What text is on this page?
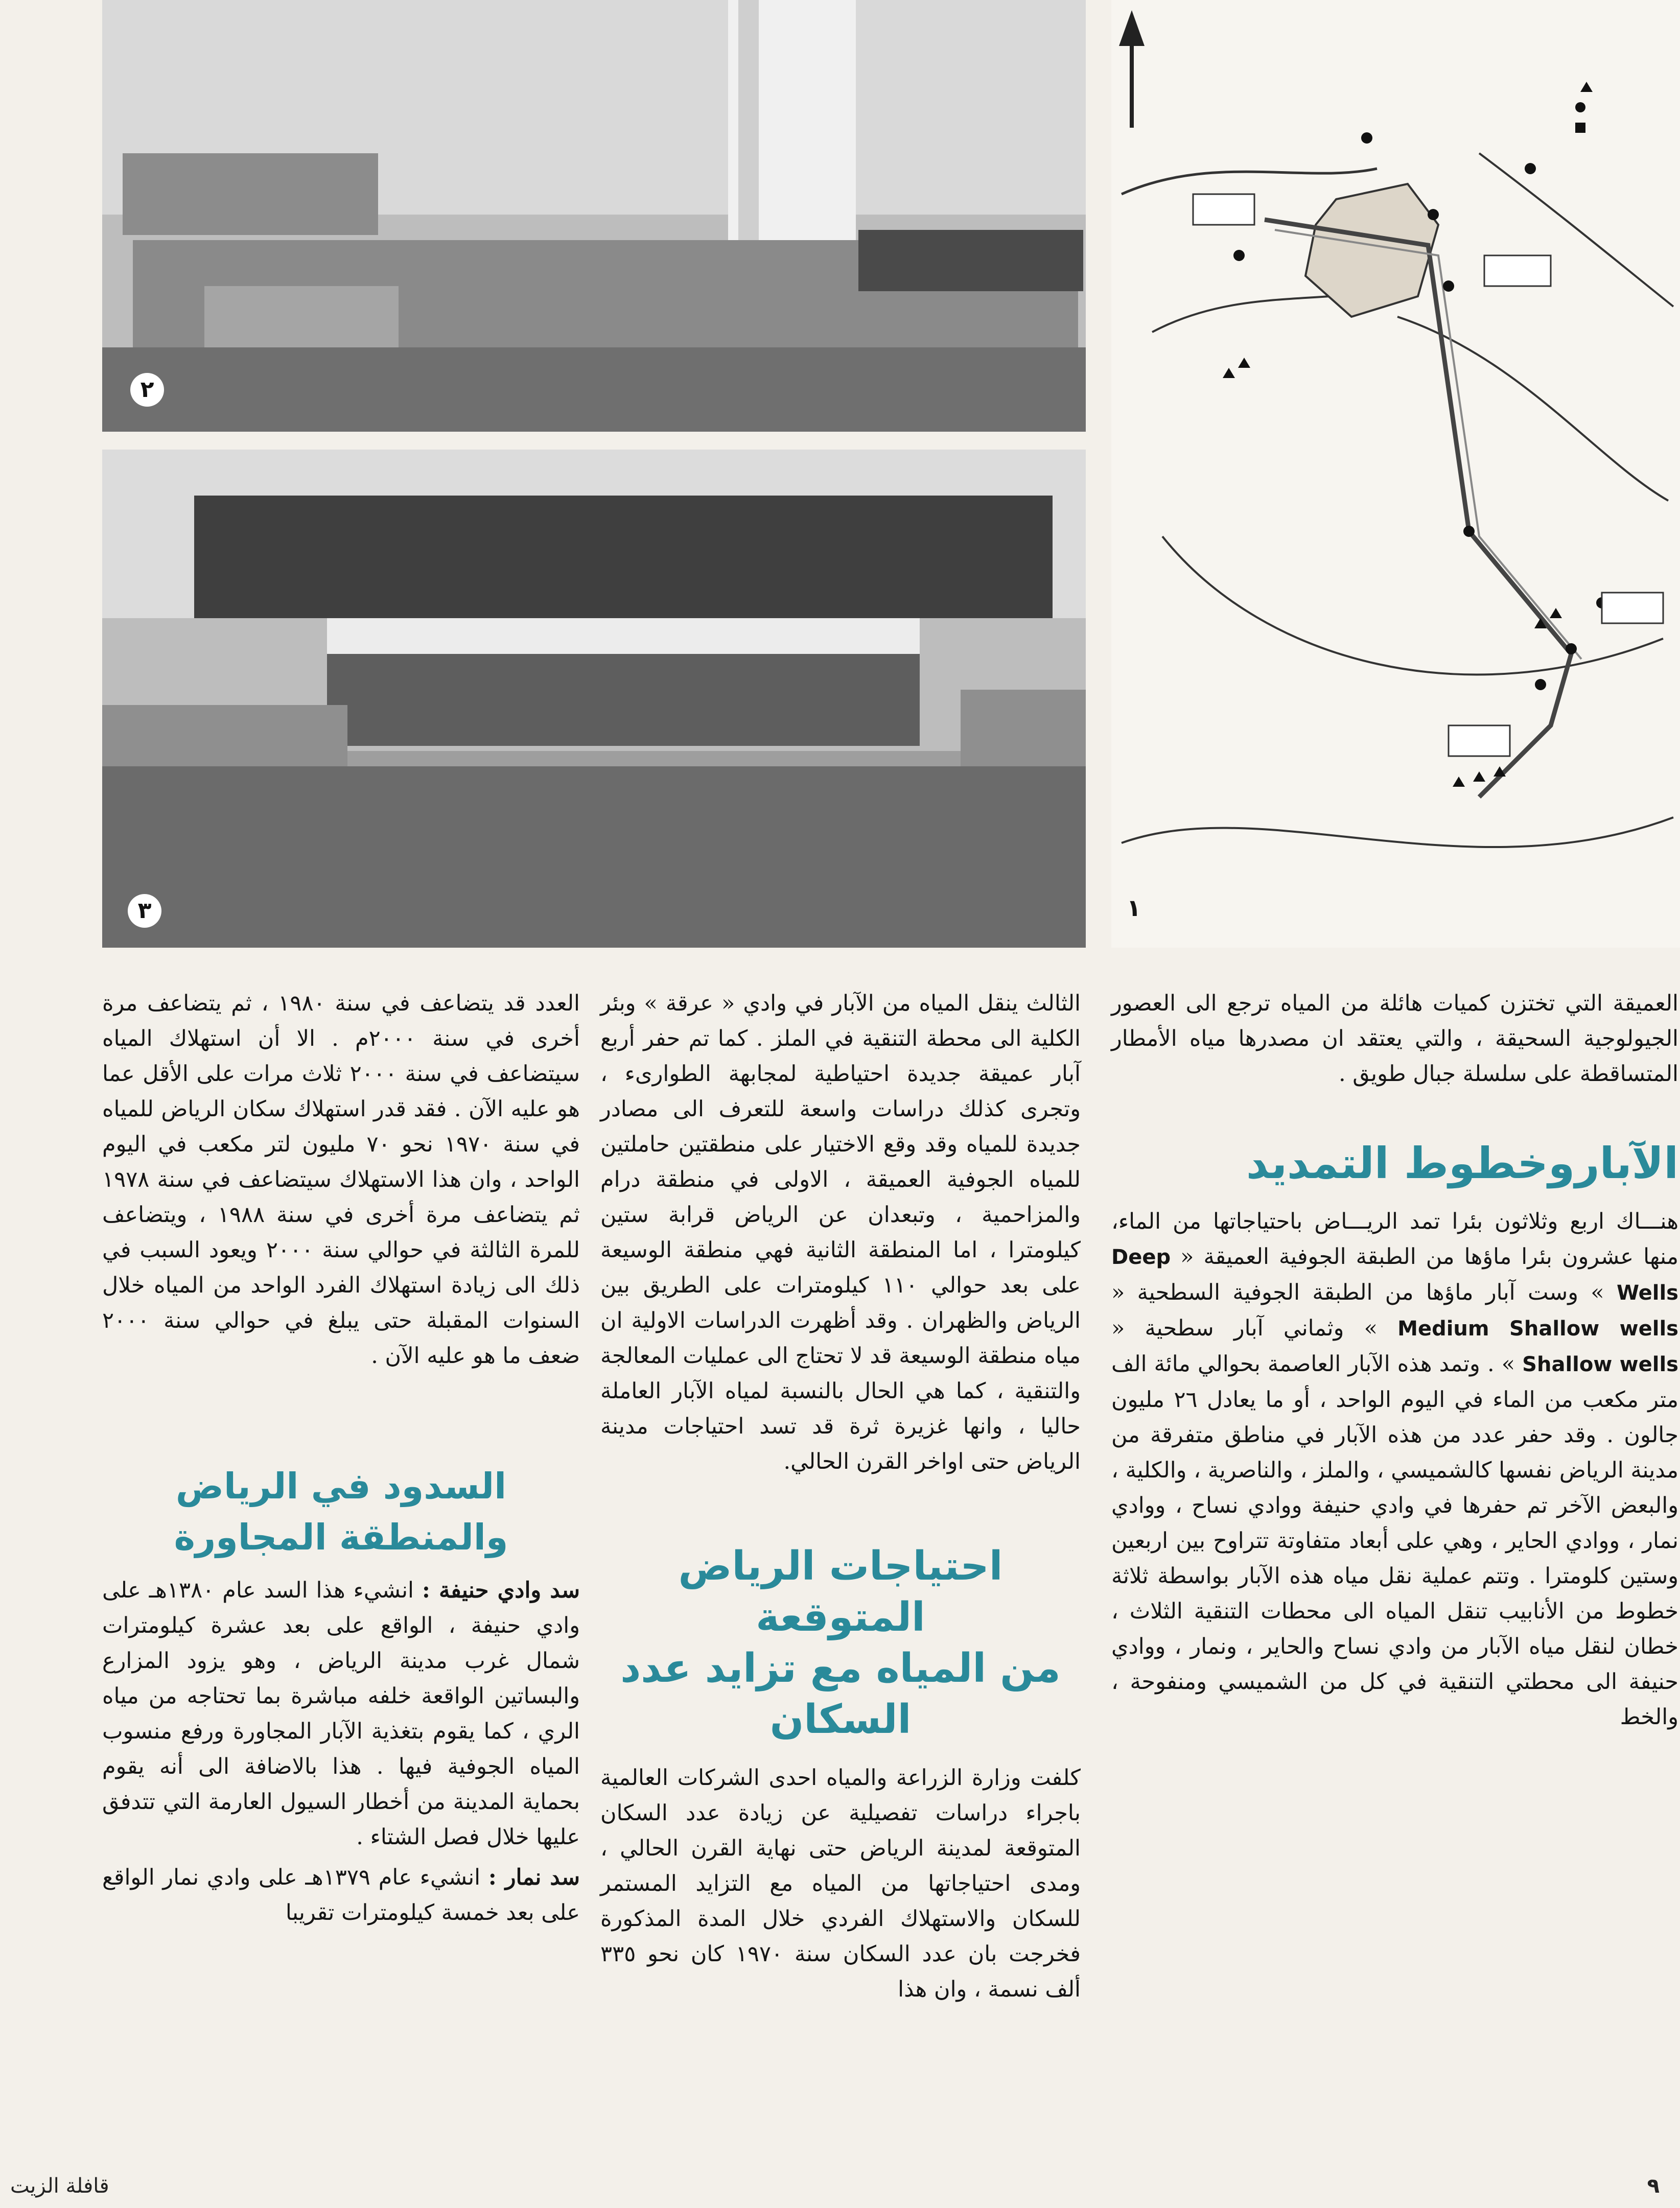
٢
٣	١

العميقة التي تختزن كميات هائلة من المياه ترجع الى العصور الجيولوجية السحيقة ، والتي يعتقد ان مصدرها مياه الأمطار المتساقطة على سلسلة جبال طويق .

الآباروخطوط التمديد

هنـــاك اربع وثلاثون بئرا تمد الريـــاض باحتياجاتها من الماء، منها عشرون بئرا ماؤها من الطبقة الجوفية العميقة « Deep Wells » وست آبار ماؤها من الطبقة الجوفية السطحية « Medium Shallow wells » وثماني آبار سطحية « Shallow wells » . وتمد هذه الآبار العاصمة بحوالي مائة الف متر مكعب من الماء في اليوم الواحد ، أو ما يعادل ٢٦ مليون جالون . وقد حفر عدد من هذه الآبار في مناطق متفرقة من مدينة الرياض نفسها كالشميسي ، والملز ، والناصرية ، والكلية ، والبعض الآخر تم حفرها في وادي حنيفة ووادي نساح ، ووادي نمار ، ووادي الحاير ، وهي على أبعاد متفاوتة تتراوح بين اربعين وستين كلومترا . وتتم عملية نقل مياه هذه الآبار بواسطة ثلاثة خطوط من الأنابيب تنقل المياه الى محطات التنقية الثلاث ، خطان لنقل مياه الآبار من وادي نساح والحاير ، ونمار ، ووادي حنيفة الى محطتي التنقية في كل من الشميسي ومنفوحة ، والخط

الثالث ينقل المياه من الآبار في وادي « عرقة » وبئر الكلية الى محطة التنقية في الملز . كما تم حفر أربع آبار عميقة جديدة احتياطية لمجابهة الطوارىء ، وتجرى كذلك دراسات واسعة للتعرف الى مصادر جديدة للمياه وقد وقع الاختيار على منطقتين حاملتين للمياه الجوفية العميقة ، الاولى في منطقة درام والمزاحمية ، وتبعدان عن الرياض قرابة ستين كيلومترا ، اما المنطقة الثانية فهي منطقة الوسيعة على بعد حوالي ١١٠ كيلومترات على الطريق بين الرياض والظهران . وقد أظهرت الدراسات الاولية ان مياه منطقة الوسيعة قد لا تحتاج الى عمليات المعالجة والتنقية ، كما هي الحال بالنسبة لمياه الآبار العاملة حاليا ، وانها غزيرة ثرة قد تسد احتياجات مدينة الرياض حتى اواخر القرن الحالي.

احتياجات الرياض المتوقعة
من المياه مع تزايد عدد السكان

كلفت وزارة الزراعة والمياه احدى الشركات العالمية باجراء دراسات تفصيلية عن زيادة عدد السكان المتوقعة لمدينة الرياض حتى نهاية القرن الحالي ، ومدى احتياجاتها من المياه مع التزايد المستمر للسكان والاستهلاك الفردي خلال المدة المذكورة فخرجت بان عدد السكان سنة ١٩٧٠ كان نحو ٣٣٥ ألف نسمة ، وان هذا

العدد قد يتضاعف في سنة ١٩٨٠ ، ثم يتضاعف مرة أخرى في سنة ٢٠٠٠م . الا أن استهلاك المياه سيتضاعف في سنة ٢٠٠٠ ثلاث مرات على الأقل عما هو عليه الآن . فقد قدر استهلاك سكان الرياض للمياه في سنة ١٩٧٠ نحو ٧٠ مليون لتر مكعب في اليوم الواحد ، وان هذا الاستهلاك سيتضاعف في سنة ١٩٧٨ ثم يتضاعف مرة أخرى في سنة ١٩٨٨ ، ويتضاعف للمرة الثالثة في حوالي سنة ٢٠٠٠ ويعود السبب في ذلك الى زيادة استهلاك الفرد الواحد من المياه خلال السنوات المقبلة حتى يبلغ في حوالي سنة ٢٠٠٠ ضعف ما هو عليه الآن .

السدود في الرياض والمنطقة المجاورة

سد وادي حنيفة : انشيء هذا السد عام ١٣٨٠هـ على وادي حنيفة ، الواقع على بعد عشرة كيلومترات شمال غرب مدينة الرياض ، وهو يزود المزارع والبساتين الواقعة خلفه مباشرة بما تحتاجه من مياه الري ، كما يقوم بتغذية الآبار المجاورة ورفع منسوب المياه الجوفية فيها . هذا بالاضافة الى أنه يقوم بحماية المدينة من أخطار السيول العارمة التي تتدفق عليها خلال فصل الشتاء .

سد نمار : انشيء عام ١٣٧٩هـ على وادي نمار الواقع على بعد خمسة كيلومترات تقريبا

٩
قافلة الزيت
